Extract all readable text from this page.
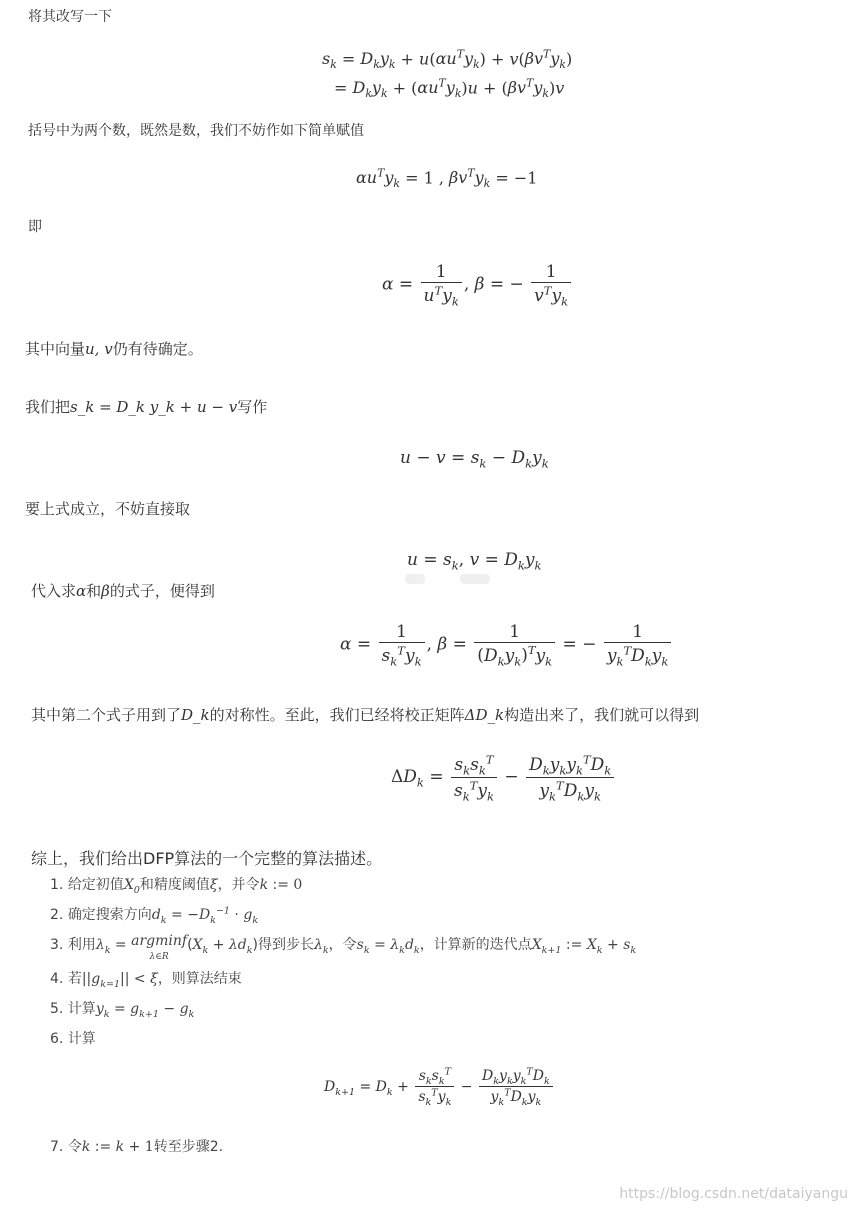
将其改写一下
$s_k = D_ky_k + u(\alpha u^Ty_k) + v(\beta v^Ty_k)$
= $D_ky_k + (\alpha u^Ty_k)u + (\beta v^Ty_k)v$
括号中为两个数，既然是数，我们不妨作如下简单赋值
$\alpha u^Ty_k = 1$ , $\beta v^Ty_k = -1$
即
$\alpha = \frac{1}{u^Ty_k}$ , β = − $\frac{1}{v^Ty_k}$
其中向量u, v仍有待确定。
我们把s_k = D_k y_k + u − v写作
$u - v = s_k - D_ky_k$
要上式成立，不妨直接取
$u = s_k$, $v = D_ky_k$
代入求α和β的式子，便得到
$\alpha = \frac{1}{s_k^Ty_k}$ , $\beta = \frac{1}{(D_ky_k)^Ty_k}$ = − $\frac{1}{y_k^TD_ky_k}$
其中第二个式子用到了D_k的对称性。至此，我们已经将校正矩阵ΔD_k构造出来了，我们就可以得到
$\Delta D_k = \frac{s_ks_k^T}{s_k^Ty_k} - \frac{D_ky_ky_k^TD_k}{y_k^TD_ky_k}$
综上，我们给出DFP算法的一个完整的算法描述。
1. 给定初值$X_0$和精度阈值ξ，并令k := 0
2. 确定搜索方向$d_k = -D_k^{-1} \cdot g_k$
3. 利用$\lambda_k = argminf$
$\lambda\in R(X_k + \lambda d_k)$得到步长$\lambda_k$，令$s_k = \lambda_kd_k$，计算新的迭代点$X_{k+1}$ := $X_k + s_k$
4. 若$||g_{k=1}|| < \xi$，则算法结束
5. 计算$y_k = g_{k+1} - g_k$
6. 计算
$D_{k+1} = D_k + \frac{s_ks_k^T}{s_k^Ty_k} - \frac{D_ky_ky_k^TD_k}{y_k^TD_ky_k}$
7. 令k := k + 1转至步骤2.
https://blog.csdn.net/dataiyangu
